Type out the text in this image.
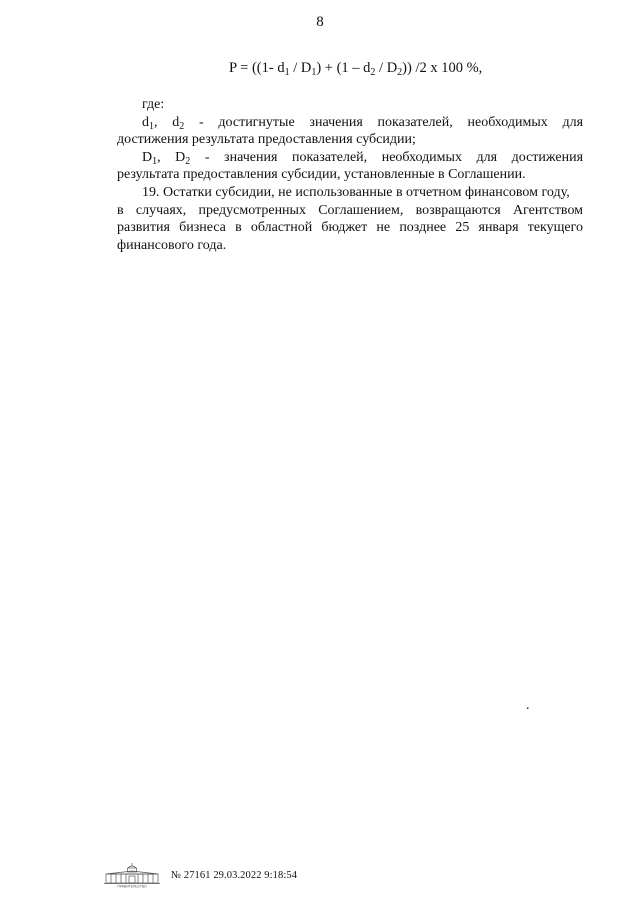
8
P = ((1- $d_1 / D_1) + (1 - d_2 / D_2)$) /2 х 100 %,
где:
$d_1$, $d_2$ - достигнутые значения показателей, необходимых для
достижения результата предоставления субсидии;
$D_1$, $D_2$ - значения показателей, необходимых для достижения
результата предоставления субсидии, установленные в Соглашении.
19. Остатки субсидии, не использованные в отчетном финансовом году,
в случаях, предусмотренных Соглашением, возвращаются Агентством
развития бизнеса в областной бюджет не позднее 25 января текущего
финансового года.
.
ПРАВИТЕЛЬСТВО
№ 27161 29.03.2022 9:18:54
